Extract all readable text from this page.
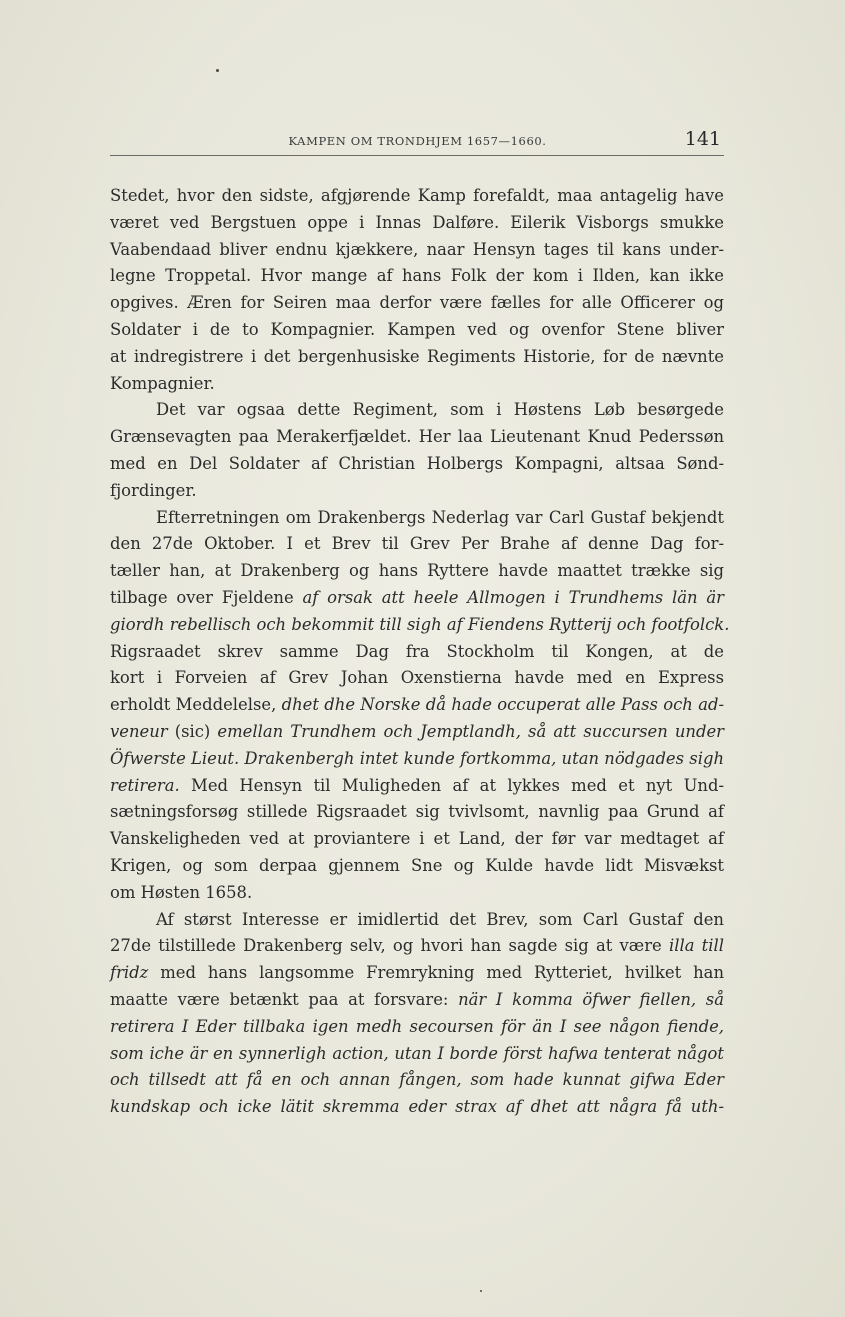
KAMPEN OM TRONDHJEM 1657—1660.	141
Stedet, hvor den sidste, afgjørende Kamp forefaldt, maa antagelig have
været ved Bergstuen oppe i Innas Dalføre. Eilerik Visborgs smukke
Vaabendaad bliver endnu kjækkere, naar Hensyn tages til kans under-
legne Troppetal. Hvor mange af hans Folk der kom i Ilden, kan ikke
opgives. Æren for Seiren maa derfor være fælles for alle Officerer og
Soldater i de to Kompagnier. Kampen ved og ovenfor Stene bliver
at indregistrere i det bergenhusiske Regiments Historie, for de nævnte
Kompagnier.
Det var ogsaa dette Regiment, som i Høstens Løb besørgede
Grænsevagten paa Merakerfjældet. Her laa Lieutenant Knud Pederssøn
med en Del Soldater af Christian Holbergs Kompagni, altsaa Sønd-
fjordinger.
Efterretningen om Drakenbergs Nederlag var Carl Gustaf bekjendt
den 27de Oktober. I et Brev til Grev Per Brahe af denne Dag for-
tæller han, at Drakenberg og hans Ryttere havde maattet trække sig
tilbage over Fjeldene af orsak att heele Allmogen i Trundhems län är
giordh rebellisch och bekommit till sigh af Fiendens Rytterij och footfolck.
Rigsraadet skrev samme Dag fra Stockholm til Kongen, at de
kort i Forveien af Grev Johan Oxenstierna havde med en Express
erholdt Meddelelse, dhet dhe Norske då hade occuperat alle Pass och ad-
veneur (sic) emellan Trundhem och Jemptlandh, så att succursen under
Öfwerste Lieut. Drakenbergh intet kunde fortkomma, utan nödgades sigh
retirera. Med Hensyn til Muligheden af at lykkes med et nyt Und-
sætningsforsøg stillede Rigsraadet sig tvivlsomt, navnlig paa Grund af
Vanskeligheden ved at proviantere i et Land, der før var medtaget af
Krigen, og som derpaa gjennem Sne og Kulde havde lidt Misvækst
om Høsten 1658.
Af størst Interesse er imidlertid det Brev, som Carl Gustaf den
27de tilstillede Drakenberg selv, og hvori han sagde sig at være illa till
fridz med hans langsomme Fremrykning med Rytteriet, hvilket han
maatte være betænkt paa at forsvare: när I komma öfwer fiellen, så
retirera I Eder tillbaka igen medh secoursen för än I see någon fiende,
som iche är en synnerligh action, utan I borde först hafwa tenterat något
och tillsedt att få en och annan fången, som hade kunnat gifwa Eder
kundskap och icke lätit skremma eder strax af dhet att några få uth-
